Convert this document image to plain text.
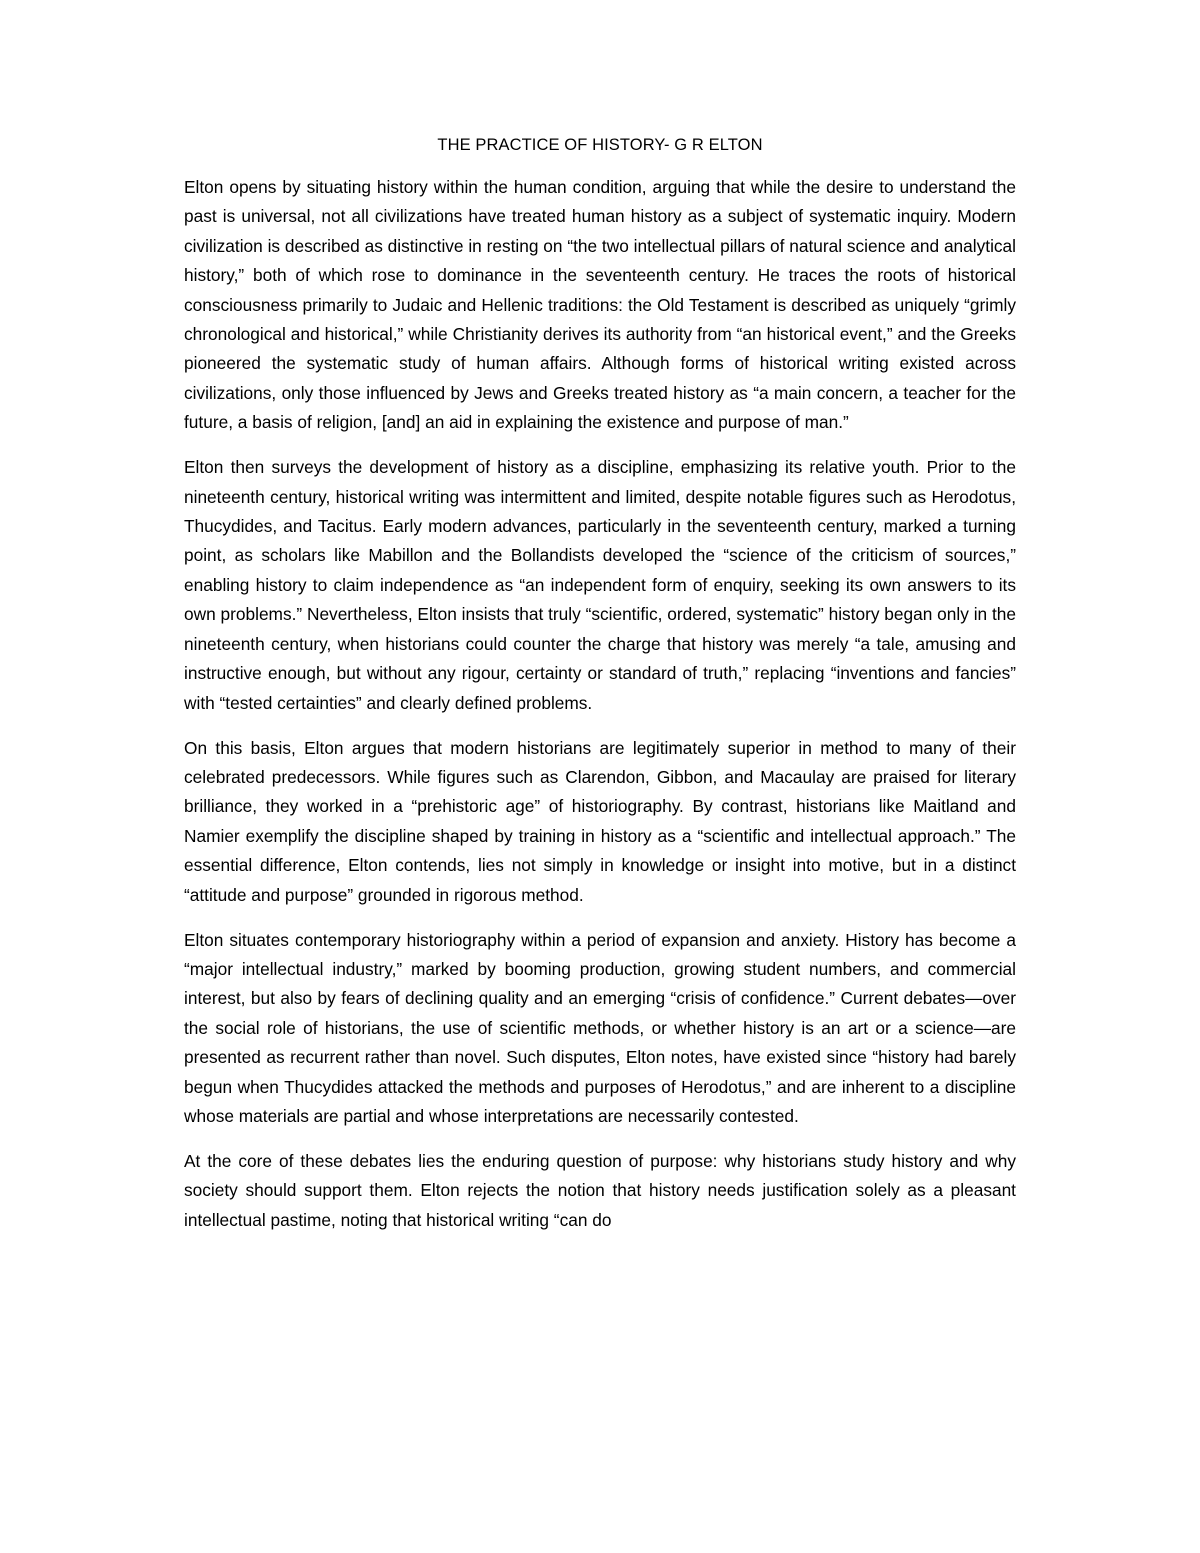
THE PRACTICE OF HISTORY- G R ELTON

Elton opens by situating history within the human condition, arguing that while the desire to understand the past is universal, not all civilizations have treated human history as a subject of systematic inquiry. Modern civilization is described as distinctive in resting on “the two intellectual pillars of natural science and analytical history,” both of which rose to dominance in the seventeenth century. He traces the roots of historical consciousness primarily to Judaic and Hellenic traditions: the Old Testament is described as uniquely “grimly chronological and historical,” while Christianity derives its authority from “an historical event,” and the Greeks pioneered the systematic study of human affairs. Although forms of historical writing existed across civilizations, only those influenced by Jews and Greeks treated history as “a main concern, a teacher for the future, a basis of religion, [and] an aid in explaining the existence and purpose of man.”

Elton then surveys the development of history as a discipline, emphasizing its relative youth. Prior to the nineteenth century, historical writing was intermittent and limited, despite notable figures such as Herodotus, Thucydides, and Tacitus. Early modern advances, particularly in the seventeenth century, marked a turning point, as scholars like Mabillon and the Bollandists developed the “science of the criticism of sources,” enabling history to claim independence as “an independent form of enquiry, seeking its own answers to its own problems.” Nevertheless, Elton insists that truly “scientific, ordered, systematic” history began only in the nineteenth century, when historians could counter the charge that history was merely “a tale, amusing and instructive enough, but without any rigour, certainty or standard of truth,” replacing “inventions and fancies” with “tested certainties” and clearly defined problems.

On this basis, Elton argues that modern historians are legitimately superior in method to many of their celebrated predecessors. While figures such as Clarendon, Gibbon, and Macaulay are praised for literary brilliance, they worked in a “prehistoric age” of historiography. By contrast, historians like Maitland and Namier exemplify the discipline shaped by training in history as a “scientific and intellectual approach.” The essential difference, Elton contends, lies not simply in knowledge or insight into motive, but in a distinct “attitude and purpose” grounded in rigorous method.

Elton situates contemporary historiography within a period of expansion and anxiety. History has become a “major intellectual industry,” marked by booming production, growing student numbers, and commercial interest, but also by fears of declining quality and an emerging “crisis of confidence.” Current debates—over the social role of historians, the use of scientific methods, or whether history is an art or a science—are presented as recurrent rather than novel. Such disputes, Elton notes, have existed since “history had barely begun when Thucydides attacked the methods and purposes of Herodotus,” and are inherent to a discipline whose materials are partial and whose interpretations are necessarily contested.

At the core of these debates lies the enduring question of purpose: why historians study history and why society should support them. Elton rejects the notion that history needs justification solely as a pleasant intellectual pastime, noting that historical writing “can do
